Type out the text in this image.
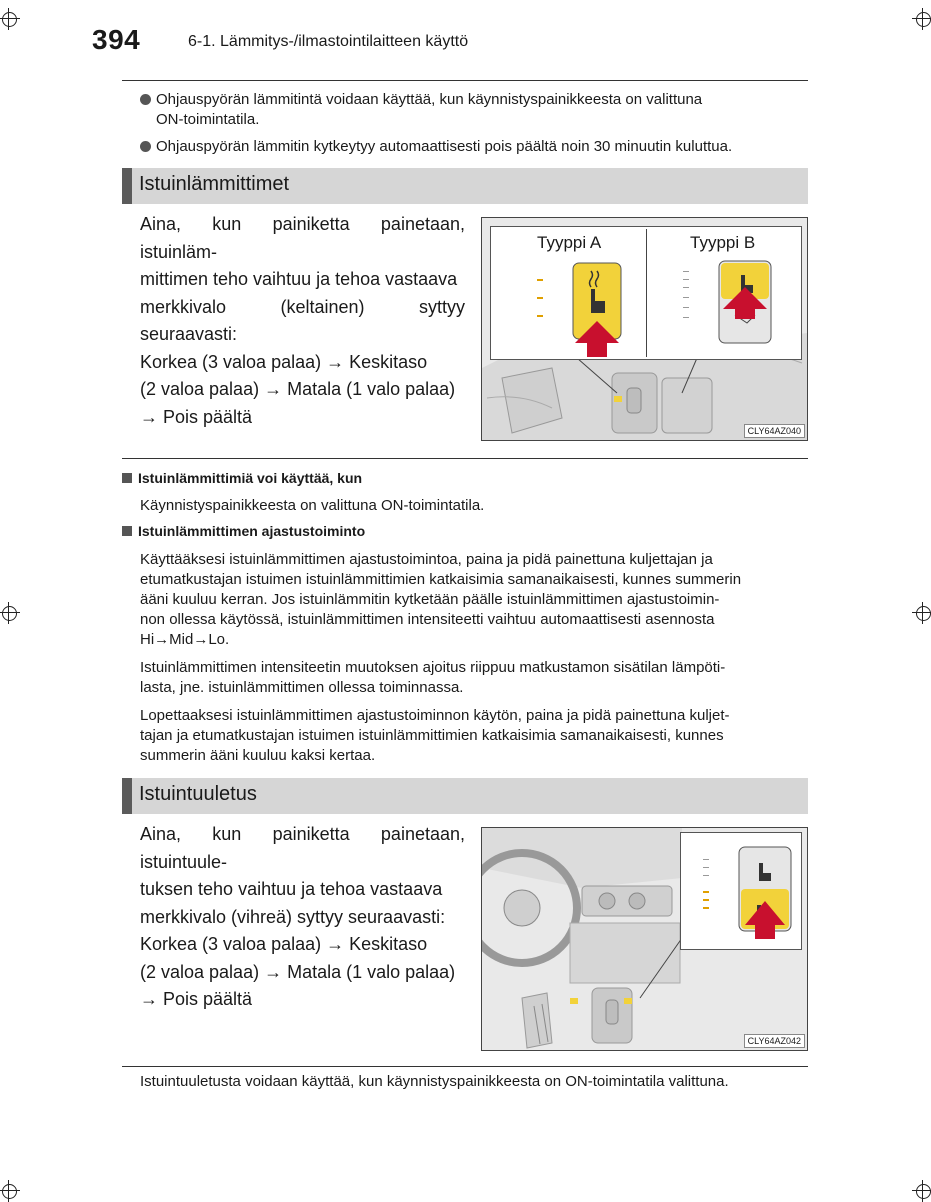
394	6-1. Lämmitys-/ilmastointilaitteen käyttö
Ohjauspyörän lämmitintä voidaan käyttää, kun käynnistyspainikkeesta on valittuna
ON-toimintatila.
Ohjauspyörän lämmitin kytkeytyy automaattisesti pois päältä noin 30 minuutin kuluttua.
Istuinlämmittimet
Aina, kun painiketta painetaan, istuinläm-
mittimen teho vaihtuu ja tehoa vastaava
merkkivalo (keltainen) syttyy seuraavasti:
Korkea (3 valoa palaa) → Keskitaso
(2 valoa palaa) → Matala (1 valo palaa)
→ Pois päältä
Tyyppi A	Tyyppi B
CLY64AZ040
Istuinlämmittimiä voi käyttää, kun
Käynnistyspainikkeesta on valittuna ON-toimintatila.
Istuinlämmittimen ajastustoiminto
Käyttääksesi istuinlämmittimen ajastustoimintoa, paina ja pidä painettuna kuljettajan ja
etumatkustajan istuimen istuinlämmittimien katkaisimia samanaikaisesti, kunnes summerin
ääni kuuluu kerran. Jos istuinlämmitin kytketään päälle istuinlämmittimen ajastustoimin-
non ollessa käytössä, istuinlämmittimen intensiteetti vaihtuu automaattisesti asennosta
Hi→Mid→Lo.
Istuinlämmittimen intensiteetin muutoksen ajoitus riippuu matkustamon sisätilan lämpöti-
lasta, jne. istuinlämmittimen ollessa toiminnassa.
Lopettaaksesi istuinlämmittimen ajastustoiminnon käytön, paina ja pidä painettuna kuljet-
tajan ja etumatkustajan istuimen istuinlämmittimien katkaisimia samanaikaisesti, kunnes
summerin ääni kuuluu kaksi kertaa.
Istuintuuletus
Aina, kun painiketta painetaan, istuintuule-
tuksen teho vaihtuu ja tehoa vastaava
merkkivalo (vihreä) syttyy seuraavasti:
Korkea (3 valoa palaa) → Keskitaso
(2 valoa palaa) → Matala (1 valo palaa)
→ Pois päältä
CLY64AZ042
Istuintuuletusta voidaan käyttää, kun käynnistyspainikkeesta on ON-toimintatila valittuna.
